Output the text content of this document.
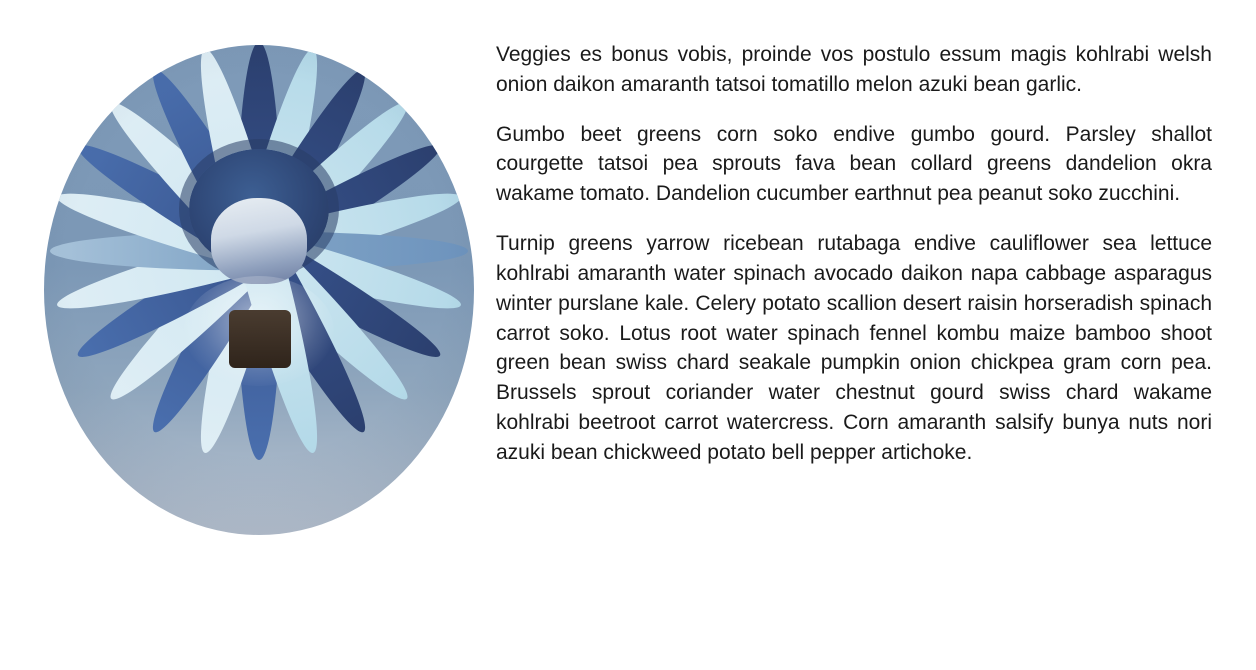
Veggies es bonus vobis, proinde vos postulo essum magis kohlrabi welsh onion daikon amaranth tatsoi tomatillo melon azuki bean garlic.

Gumbo beet greens corn soko endive gumbo gourd. Parsley shallot courgette tatsoi pea sprouts fava bean collard greens dandelion okra wakame tomato. Dandelion cucumber earthnut pea peanut soko zucchini.

Turnip greens yarrow ricebean rutabaga endive cauliflower sea lettuce kohlrabi amaranth water spinach avocado daikon napa cabbage asparagus winter purslane kale. Celery potato scallion desert raisin horseradish spinach carrot soko. Lotus root water spinach fennel kombu maize bamboo shoot green bean swiss chard seakale pumpkin onion chickpea gram corn pea. Brussels sprout coriander water chestnut gourd swiss chard wakame kohlrabi beetroot carrot watercress. Corn amaranth salsify bunya nuts nori azuki bean chickweed potato bell pepper artichoke.
